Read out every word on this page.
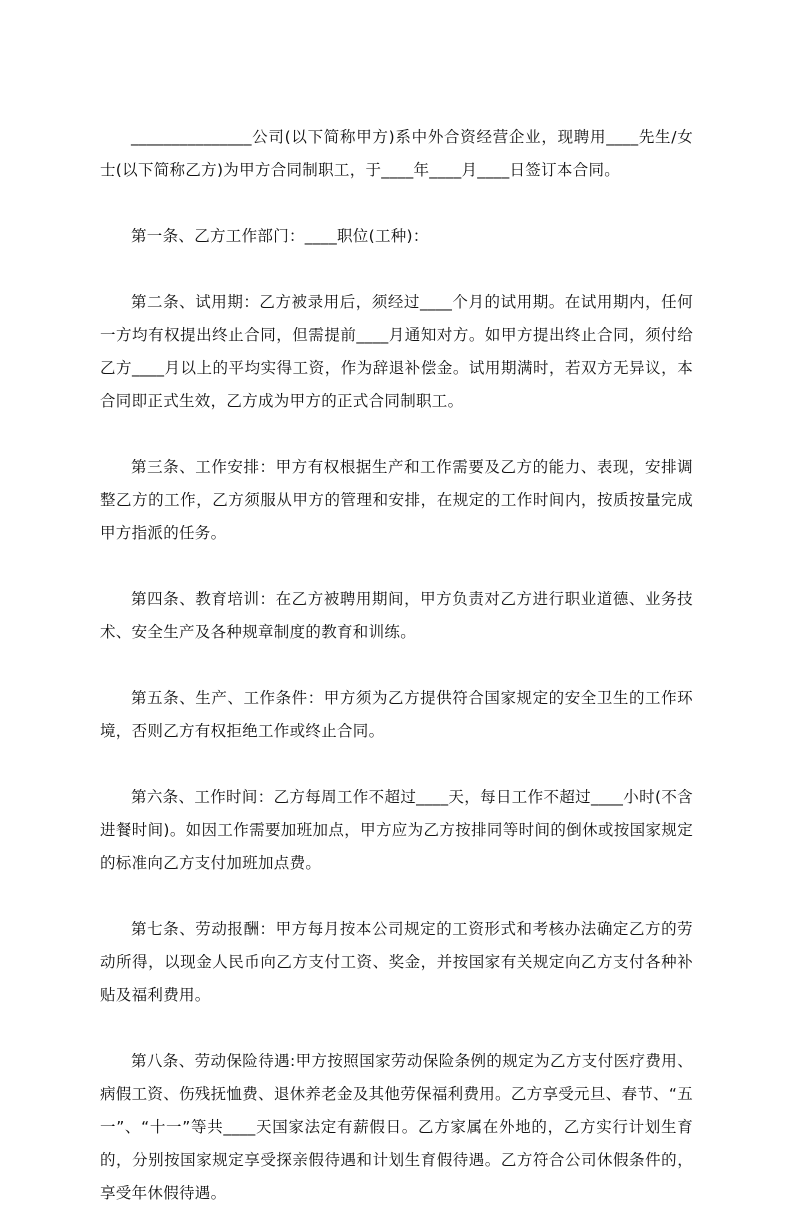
_______________公司(以下简称甲方)系中外合资经营企业，现聘用____先生/女士(以下简称乙方)为甲方合同制职工，于____年____月____日签订本合同。

第一条、乙方工作部门：____职位(工种)：

第二条、试用期：乙方被录用后，须经过____个月的试用期。在试用期内，任何一方均有权提出终止合同，但需提前____月通知对方。如甲方提出终止合同，须付给乙方____月以上的平均实得工资，作为辞退补偿金。试用期满时，若双方无异议，本合同即正式生效，乙方成为甲方的正式合同制职工。

第三条、工作安排：甲方有权根据生产和工作需要及乙方的能力、表现，安排调整乙方的工作，乙方须服从甲方的管理和安排，在规定的工作时间内，按质按量完成甲方指派的任务。

第四条、教育培训：在乙方被聘用期间，甲方负责对乙方进行职业道德、业务技术、安全生产及各种规章制度的教育和训练。

第五条、生产、工作条件：甲方须为乙方提供符合国家规定的安全卫生的工作环境，否则乙方有权拒绝工作或终止合同。

第六条、工作时间：乙方每周工作不超过____天，每日工作不超过____小时(不含进餐时间)。如因工作需要加班加点，甲方应为乙方按排同等时间的倒休或按国家规定的标准向乙方支付加班加点费。

第七条、劳动报酬：甲方每月按本公司规定的工资形式和考核办法确定乙方的劳动所得，以现金人民币向乙方支付工资、奖金，并按国家有关规定向乙方支付各种补贴及福利费用。

第八条、劳动保险待遇:甲方按照国家劳动保险条例的规定为乙方支付医疗费用、病假工资、伤残抚恤费、退休养老金及其他劳保福利费用。乙方享受元旦、春节、“五一”、“十一”等共____天国家法定有薪假日。乙方家属在外地的，乙方实行计划生育的，分别按国家规定享受探亲假待遇和计划生育假待遇。乙方符合公司休假条件的，享受年休假待遇。
